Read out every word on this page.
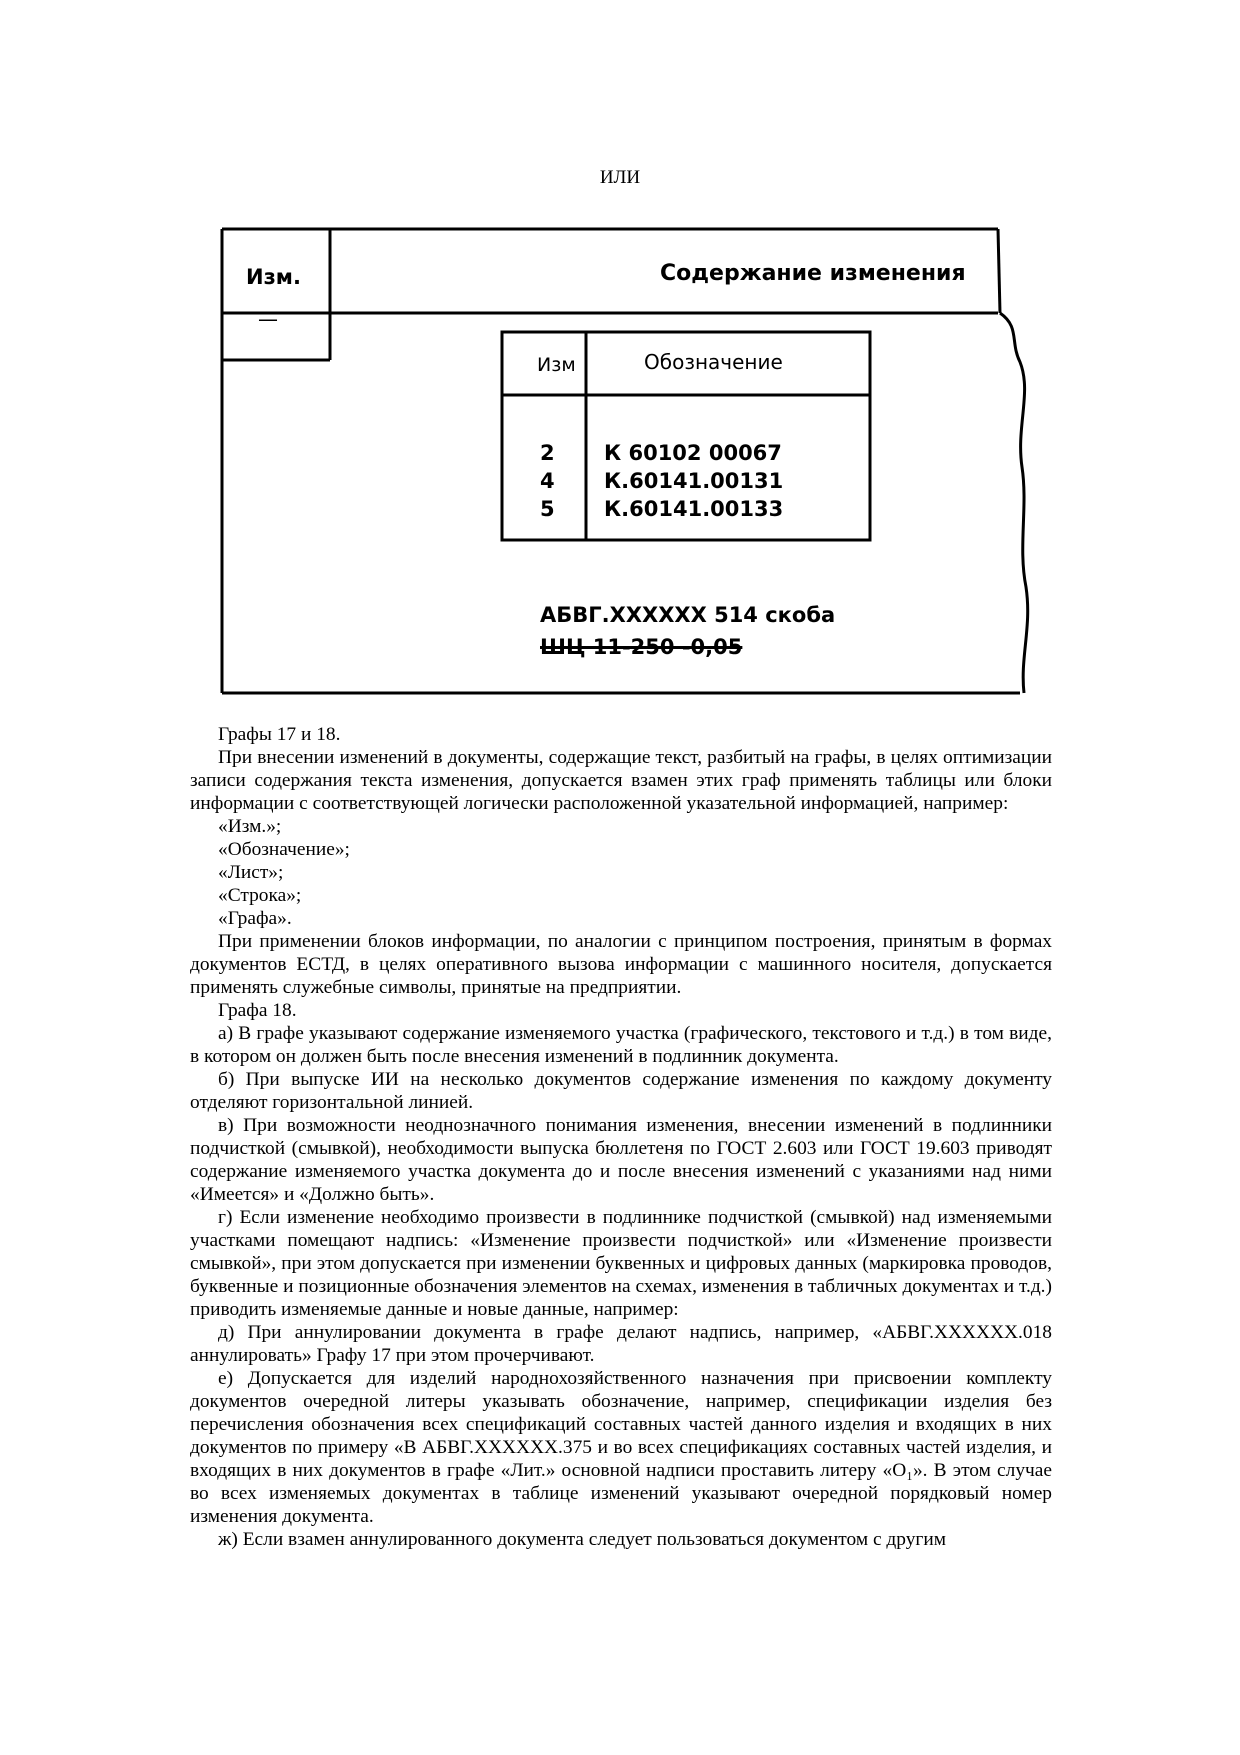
ИЛИ
Изм.	Содержание изменения
—
Изм	Обозначение
2 К 60102 00067
4 К.60141.00131
5 К.60141.00133
АБВГ.XXXXXX 514 скоба
ШЦ 11-250 -0,05

Графы 17 и 18.

При внесении изменений в документы, содержащие текст, разбитый на графы, в целях оптимизации записи содержания текста изменения, допускается взамен этих граф применять таблицы или блоки информации с соответствующей логически расположенной указательной информацией, например:

«Изм.»;

«Обозначение»;

«Лист»;

«Строка»;

«Графа».

При применении блоков информации, по аналогии с принципом построения, принятым в формах документов ЕСТД, в целях оперативного вызова информации с машинного носителя, допускается применять служебные символы, принятые на предприятии.

Графа 18.

а) В графе указывают содержание изменяемого участка (графического, текстового и т.д.) в том виде, в котором он должен быть после внесения изменений в подлинник документа.

б) При выпуске ИИ на несколько документов содержание изменения по каждому документу отделяют горизонтальной линией.

в) При возможности неоднозначного понимания изменения, внесении изменений в подлинники подчисткой (смывкой), необходимости выпуска бюллетеня по ГОСТ 2.603 или ГОСТ 19.603 приводят содержание изменяемого участка документа до и после внесения изменений с указаниями над ними «Имеется» и «Должно быть».

г) Если изменение необходимо произвести в подлиннике подчисткой (смывкой) над изменяемыми участками помещают надпись: «Изменение произвести подчисткой» или «Изменение произвести смывкой», при этом допускается при изменении буквенных и цифровых данных (маркировка проводов, буквенные и позиционные обозначения элементов на схемах, изменения в табличных документах и т.д.) приводить изменяемые данные и новые данные, например:

д) При аннулировании документа в графе делают надпись, например, «АБВГ.XXXXXX.018 аннулировать» Графу 17 при этом прочерчивают.

е) Допускается для изделий народнохозяйственного назначения при присвоении комплекту документов очередной литеры указывать обозначение, например, спецификации изделия без перечисления обозначения всех спецификаций составных частей данного изделия и входящих в них документов по примеру «В АБВГ.XXXXXX.375 и во всех спецификациях составных частей изделия, и входящих в них документов в графе «Лит.» основной надписи проставить литеру «О₁». В этом случае во всех изменяемых документах в таблице изменений указывают очередной порядковый номер изменения документа.

ж) Если взамен аннулированного документа следует пользоваться документом с другим
